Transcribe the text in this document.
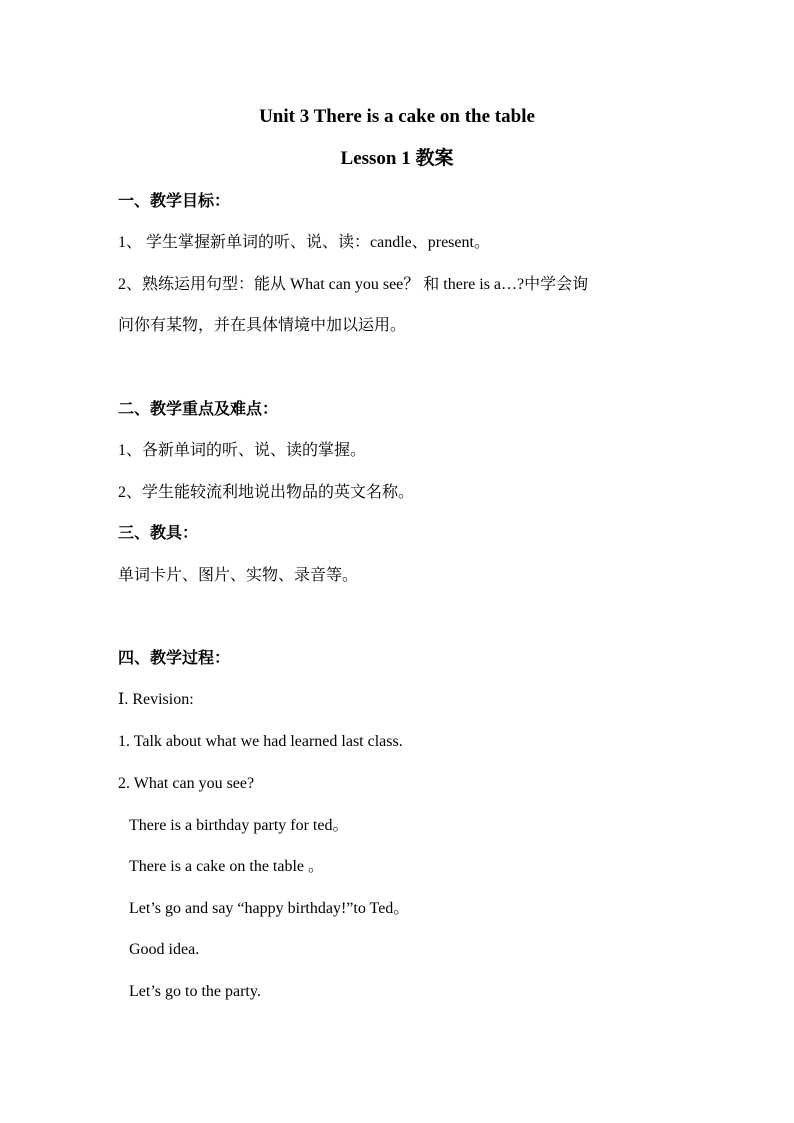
Unit 3 There is a cake on the table
Lesson 1 教案
一、教学目标：
1、 学生掌握新单词的听、说、读：candle、present。
2、熟练运用句型：能从 What can you see？ 和 there is a…?中学会询
问你有某物，并在具体情境中加以运用。
二、教学重点及难点：
1、各新单词的听、说、读的掌握。
2、学生能较流利地说出物品的英文名称。
三、教具：
单词卡片、图片、实物、录音等。
四、教学过程：
Ⅰ. Revision:
1. Talk about what we had learned last class.
2. What can you see?
There is a birthday party for ted。
There is a cake on the table 。
Let’s go and say “happy birthday!”to Ted。
Good idea.
Let’s go to the party.
